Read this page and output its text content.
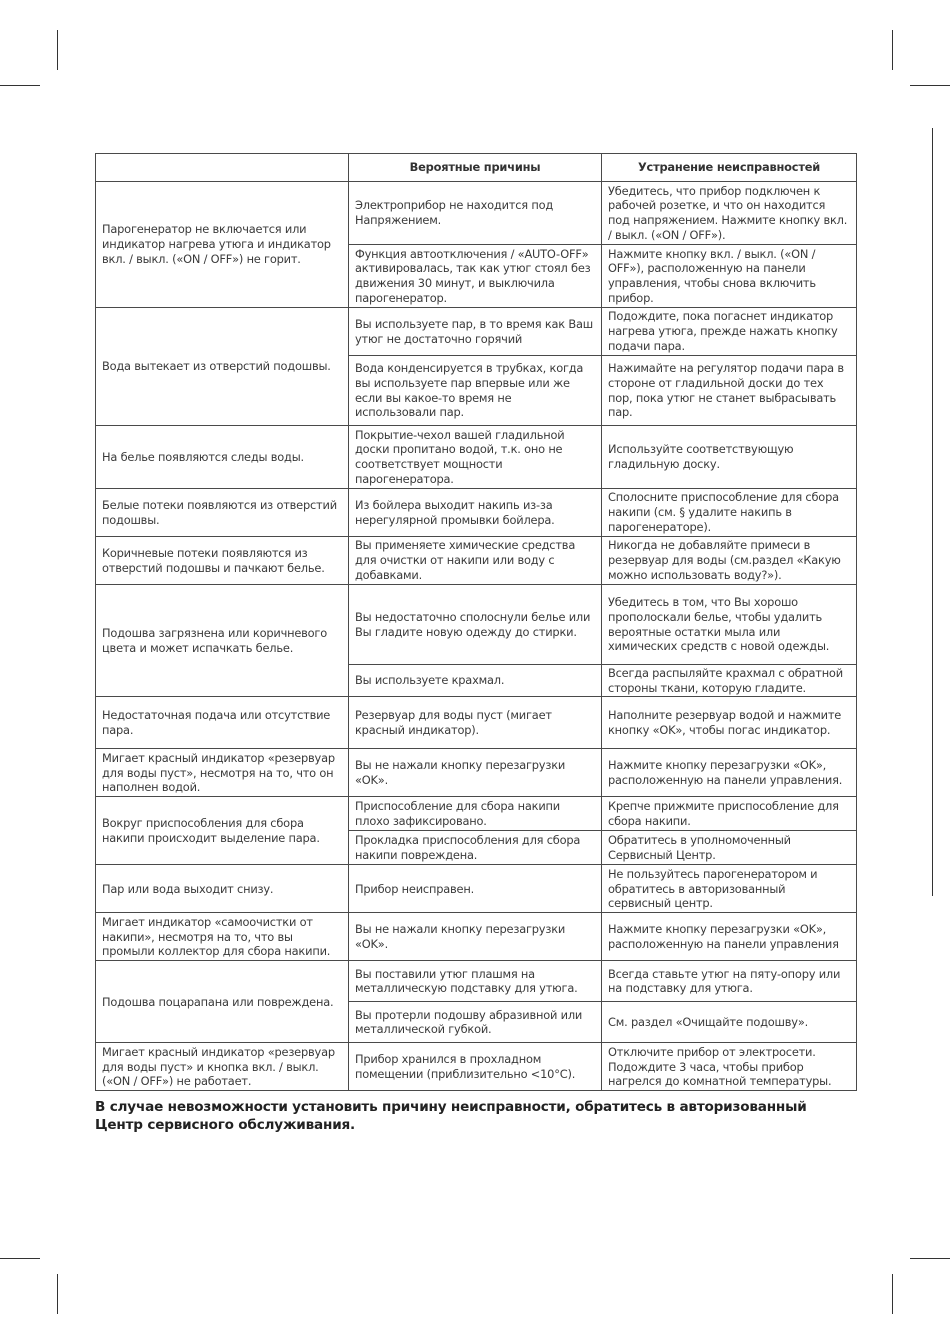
	Вероятные причины	Устранение неисправностей
Парогенератор не включается или индикатор нагрева утюга и индикатор вкл. / выкл. («ON / OFF») не горит.	Электроприбор не находится под Напряжением.	Убедитесь, что прибор подключен к рабочей розетке, и что он находится под напряжением. Нажмите кнопку вкл. / выкл. («ON / OFF»).
	Функция автоотключения / «AUTO-OFF» активировалась, так как утюг стоял без движения 30 минут, и выключила парогенератор.	Нажмите кнопку вкл. / выкл. («ON / OFF»), расположенную на панели управления, чтобы снова включить прибор.
Вода вытекает из отверстий подошвы.	Вы используете пар, в то время как Ваш утюг не достаточно горячий	Подождите, пока погаснет индикатор нагрева утюга, прежде нажать кнопку подачи пара.
	Вода конденсируется в трубках, когда вы используете пар впервые или же если вы какое-то время не использовали пар.	Нажимайте на регулятор подачи пара в стороне от гладильной доски до тех пор, пока утюг не станет выбрасывать пар.
На белье появляются следы воды.	Покрытие-чехол вашей гладильной доски пропитано водой, т.к. оно не соответствует мощности парогенератора.	Используйте соответствующую гладильную доску.
Белые потеки появляются из отверстий подошвы.	Из бойлера выходит накипь из-за нерегулярной промывки бойлера.	Сполосните приспособление для сбора накипи (см. § удалите накипь в парогенераторе).
Коричневые потеки появляются из отверстий подошвы и пачкают белье.	Вы применяете химические средства для очистки от накипи или воду с добавками.	Никогда не добавляйте примеси в резервуар для воды (см.раздел «Какую можно использовать воду?»).
Подошва загрязнена или коричневого цвета и может испачкать белье.	Вы недостаточно сполоснули белье или Вы гладите новую одежду до стирки.	Убедитесь в том, что Вы хорошо прополоскали белье, чтобы удалить вероятные остатки мыла или химических средств с новой одежды.
	Вы используете крахмал.	Всегда распыляйте крахмал с обратной стороны ткани, которую гладите.
Недостаточная подача или отсутствие пара.	Резервуар для воды пуст (мигает красный индикатор).	Наполните резервуар водой и нажмите кнопку «OK», чтобы погас индикатор.
Мигает красный индикатор «резервуар для воды пуст», несмотря на то, что он наполнен водой.	Вы не нажали кнопку перезагрузки «OK».	Нажмите кнопку перезагрузки «OK», расположенную на панели управления.
Вокруг приспособления для сбора накипи происходит выделение пара.	Приспособление для сбора накипи плохо зафиксировано.	Крепче прижмите приспособление для сбора накипи.
	Прокладка приспособления для сбора накипи повреждена.	Обратитесь в уполномоченный Сервисный Центр.
Пар или вода выходит снизу.	Прибор неисправен.	Не пользуйтесь парогенератором и обратитесь в авторизованный сервисный центр.
Мигает индикатор «самоочистки от накипи», несмотря на то, что вы промыли коллектор для сбора накипи.	Вы не нажали кнопку перезагрузки «OK».	Нажмите кнопку перезагрузки «OK», расположенную на панели управления
Подошва поцарапана или повреждена.	Вы поставили утюг плашмя на металлическую подставку для утюга.	Всегда ставьте утюг на пяту-опору или на подставку для утюга.
	Вы протерли подошву абразивной или металлической губкой.	См. раздел «Очищайте подошву».
Мигает красный индикатор «резервуар для воды пуст» и кнопка вкл. / выкл. («ON / OFF») не работает.	Прибор хранился в прохладном помещении (приблизительно <10°C).	Отключите прибор от электросети. Подождите 3 часа, чтобы прибор нагрелся до комнатной температуры.
В случае невозможности установить причину неисправности, обратитесь в авторизованный Центр сервисного обслуживания.
